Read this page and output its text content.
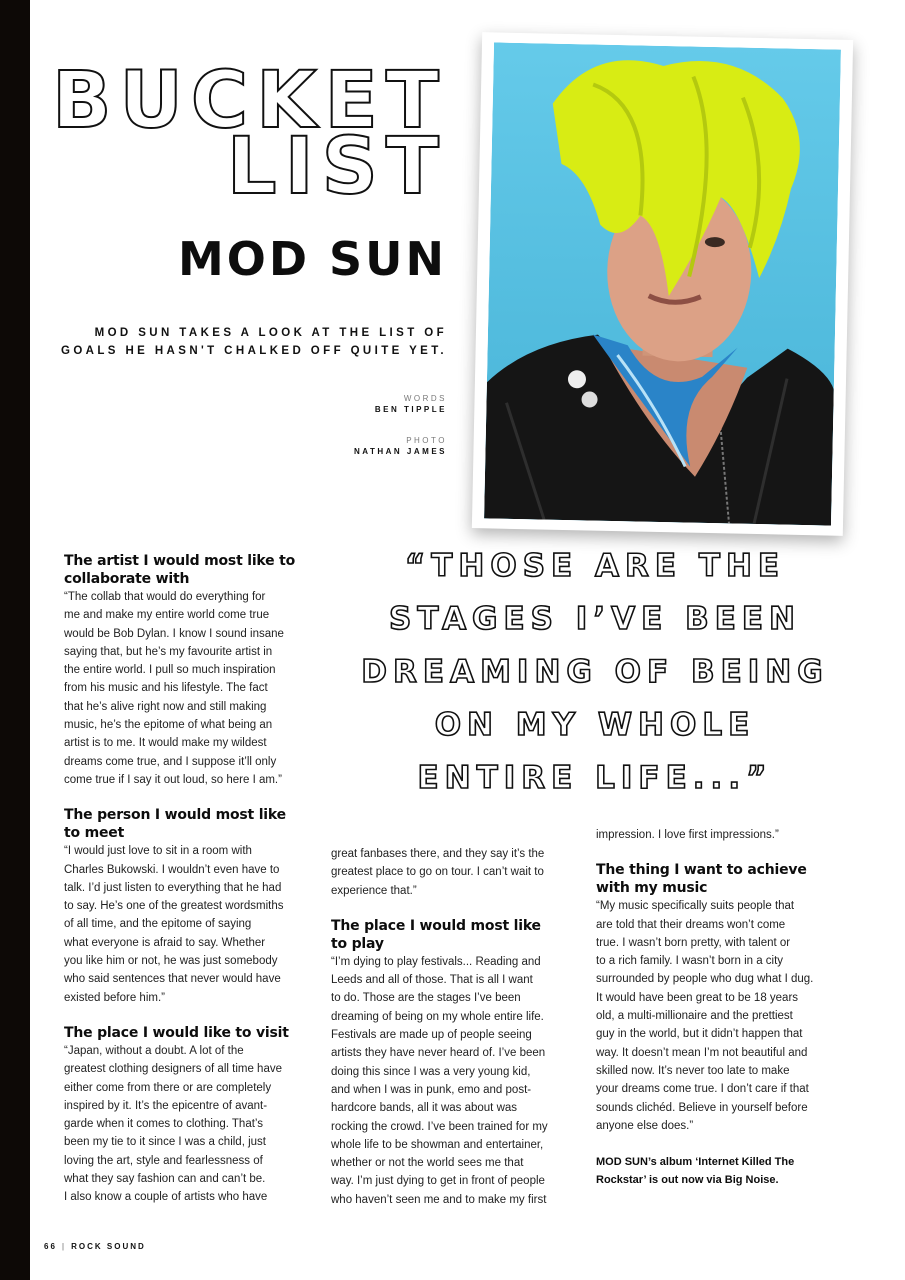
BUCKET
LIST
MOD SUN
MOD SUN TAKES A LOOK AT THE LIST OF
GOALS HE HASN'T CHALKED OFF QUITE YET.
WORDS
BEN TIPPLE
PHOTO
NATHAN JAMES
“THOSE ARE THE
STAGES I’VE BEEN
DREAMING OF BEING
ON MY WHOLE
ENTIRE LIFE...”
The artist I would most like to
collaborate with

“The collab that would do everything for

me and make my entire world come true

would be Bob Dylan. I know I sound insane

saying that, but he’s my favourite artist in

the entire world. I pull so much inspiration

from his music and his lifestyle. The fact

that he’s alive right now and still making

music, he’s the epitome of what being an

artist is to me. It would make my wildest

dreams come true, and I suppose it’ll only

come true if I say it out loud, so here I am.”

The person I would most like
to meet

“I would just love to sit in a room with

Charles Bukowski. I wouldn’t even have to

talk. I’d just listen to everything that he had

to say. He’s one of the greatest wordsmiths

of all time, and the epitome of saying

what everyone is afraid to say. Whether

you like him or not, he was just somebody

who said sentences that never would have

existed before him.”

The place I would like to visit

“Japan, without a doubt. A lot of the

greatest clothing designers of all time have

either come from there or are completely

inspired by it. It’s the epicentre of avant-

garde when it comes to clothing. That’s

been my tie to it since I was a child, just

loving the art, style and fearlessness of

what they say fashion can and can’t be.

I also know a couple of artists who have

great fanbases there, and they say it’s the

greatest place to go on tour. I can’t wait to

experience that.”

The place I would most like
to play

“I’m dying to play festivals... Reading and

Leeds and all of those. That is all I want

to do. Those are the stages I’ve been

dreaming of being on my whole entire life.

Festivals are made up of people seeing

artists they have never heard of. I’ve been

doing this since I was a very young kid,

and when I was in punk, emo and post-

hardcore bands, all it was about was

rocking the crowd. I’ve been trained for my

whole life to be showman and entertainer,

whether or not the world sees me that

way. I’m just dying to get in front of people

who haven’t seen me and to make my first

impression. I love first impressions.”

The thing I want to achieve
with my music

“My music specifically suits people that

are told that their dreams won’t come

true. I wasn’t born pretty, with talent or

to a rich family. I wasn’t born in a city

surrounded by people who dug what I dug.

It would have been great to be 18 years

old, a multi-millionaire and the prettiest

guy in the world, but it didn’t happen that

way. It doesn’t mean I’m not beautiful and

skilled now. It’s never too late to make

your dreams come true. I don’t care if that

sounds clichéd. Believe in yourself before

anyone else does.”

MOD SUN’s album ‘Internet Killed The
Rockstar’ is out now via Big Noise.
66 | ROCK SOUND
